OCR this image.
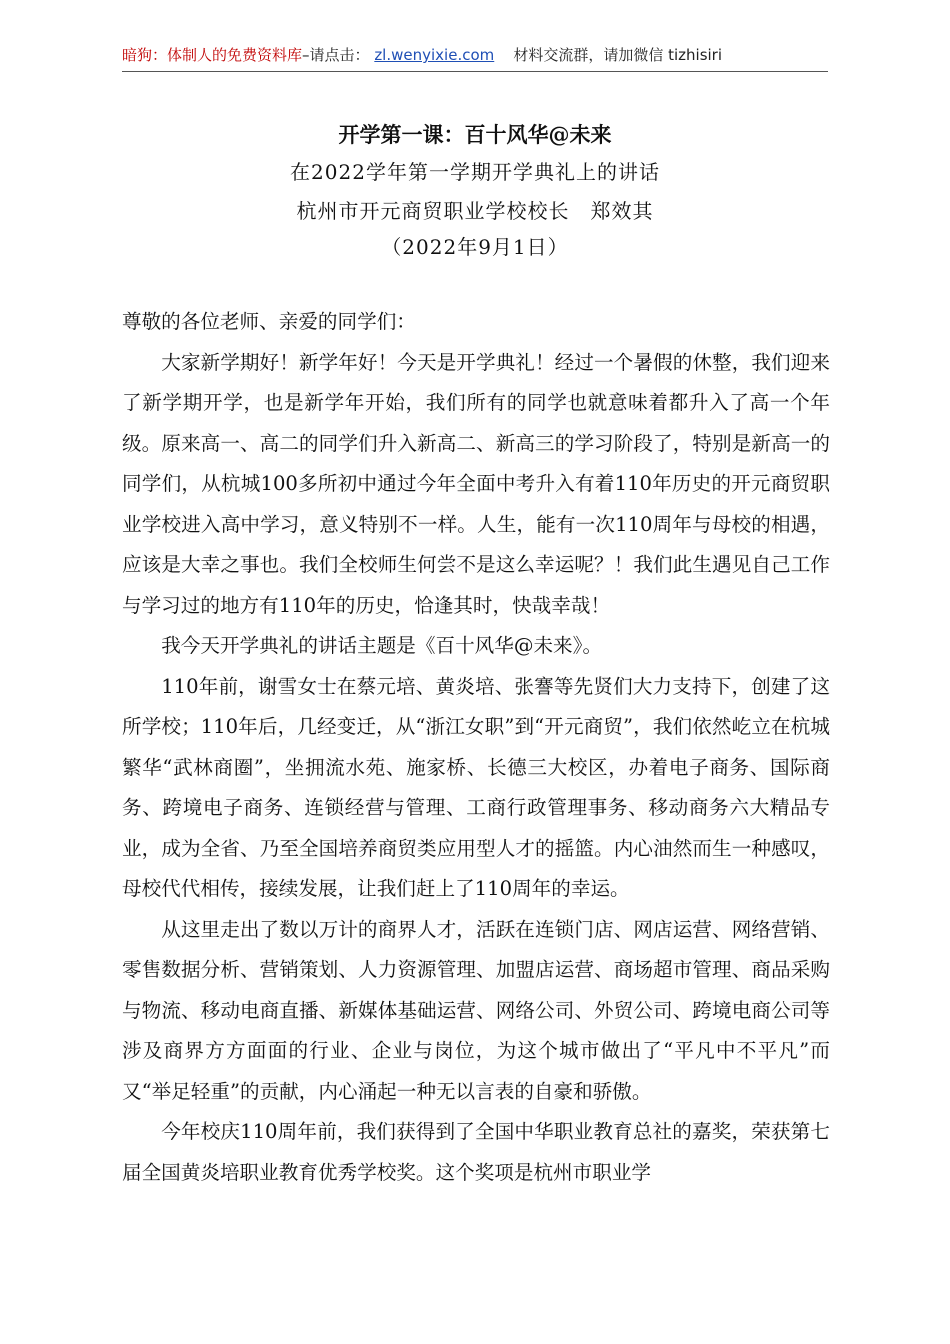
暗狗：体制人的免费资料库–请点击： zl.wenyixie.com 材料交流群，请加微信 tizhisiri
开学第一课：百十风华@未来
在2022学年第一学期开学典礼上的讲话
杭州市开元商贸职业学校校长　郑效其
（2022年9月1日）

尊敬的各位老师、亲爱的同学们：

大家新学期好！新学年好！今天是开学典礼！经过一个暑假的休整，我们迎来了新学期开学，也是新学年开始，我们所有的同学也就意味着都升入了高一个年级。原来高一、高二的同学们升入新高二、新高三的学习阶段了，特别是新高一的同学们，从杭城100多所初中通过今年全面中考升入有着110年历史的开元商贸职业学校进入高中学习，意义特别不一样。人生，能有一次110周年与母校的相遇，应该是大幸之事也。我们全校师生何尝不是这么幸运呢？！我们此生遇见自己工作与学习过的地方有110年的历史，恰逢其时，快哉幸哉！

我今天开学典礼的讲话主题是《百十风华@未来》。

110年前，谢雪女士在蔡元培、黄炎培、张謇等先贤们大力支持下，创建了这所学校；110年后，几经变迁，从“浙江女职”到“开元商贸”，我们依然屹立在杭城繁华“武林商圈”，坐拥流水苑、施家桥、长德三大校区，办着电子商务、国际商务、跨境电子商务、连锁经营与管理、工商行政管理事务、移动商务六大精品专业，成为全省、乃至全国培养商贸类应用型人才的摇篮。内心油然而生一种感叹，母校代代相传，接续发展，让我们赶上了110周年的幸运。

从这里走出了数以万计的商界人才，活跃在连锁门店、网店运营、网络营销、零售数据分析、营销策划、人力资源管理、加盟店运营、商场超市管理、商品采购与物流、移动电商直播、新媒体基础运营、网络公司、外贸公司、跨境电商公司等涉及商界方方面面的行业、企业与岗位，为这个城市做出了“平凡中不平凡”而又“举足轻重”的贡献，内心涌起一种无以言表的自豪和骄傲。

今年校庆110周年前，我们获得到了全国中华职业教育总社的嘉奖，荣获第七届全国黄炎培职业教育优秀学校奖。这个奖项是杭州市职业学
